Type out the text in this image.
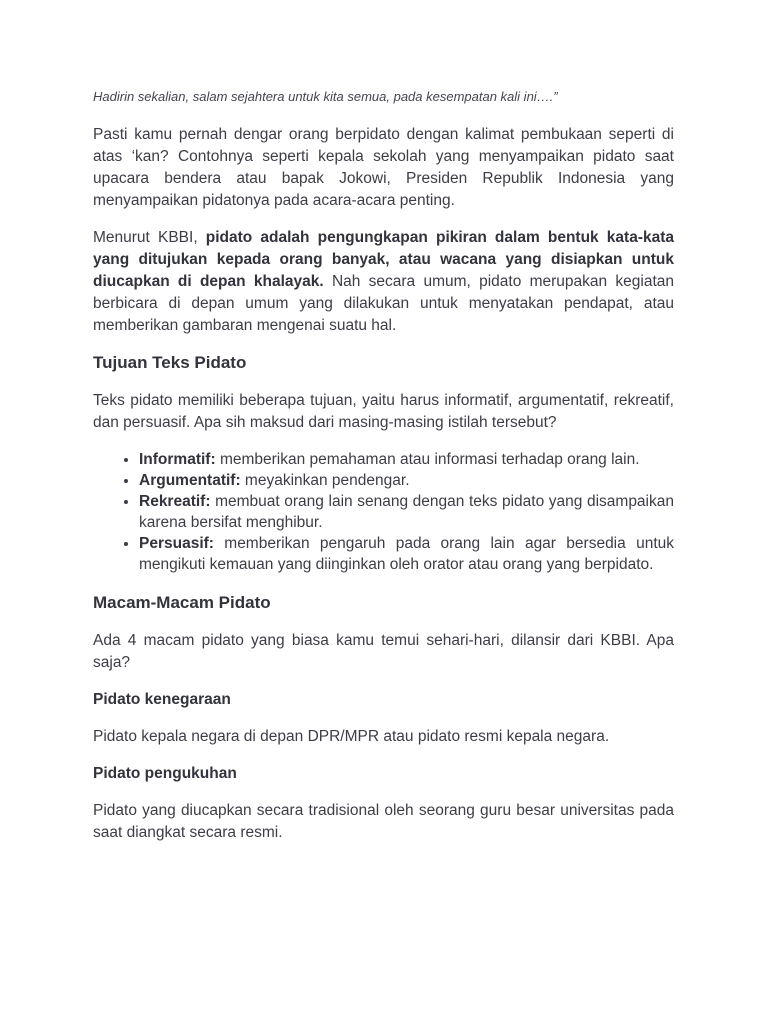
Hadirin sekalian, salam sejahtera untuk kita semua, pada kesempatan kali ini….”

Pasti kamu pernah dengar orang berpidato dengan kalimat pembukaan seperti di atas ‘kan? Contohnya seperti kepala sekolah yang menyampaikan pidato saat upacara bendera atau bapak Jokowi, Presiden Republik Indonesia yang menyampaikan pidatonya pada acara-acara penting.

Menurut KBBI, pidato adalah pengungkapan pikiran dalam bentuk kata-kata yang ditujukan kepada orang banyak, atau wacana yang disiapkan untuk diucapkan di depan khalayak. Nah secara umum, pidato merupakan kegiatan berbicara di depan umum yang dilakukan untuk menyatakan pendapat, atau memberikan gambaran mengenai suatu hal.

Tujuan Teks Pidato

Teks pidato memiliki beberapa tujuan, yaitu harus informatif, argumentatif, rekreatif, dan persuasif. Apa sih maksud dari masing-masing istilah tersebut?

• Informatif: memberikan pemahaman atau informasi terhadap orang lain.
• Argumentatif: meyakinkan pendengar.
• Rekreatif: membuat orang lain senang dengan teks pidato yang disampaikan karena bersifat menghibur.
• Persuasif: memberikan pengaruh pada orang lain agar bersedia untuk mengikuti kemauan yang diinginkan oleh orator atau orang yang berpidato.
Macam-Macam Pidato

Ada 4 macam pidato yang biasa kamu temui sehari-hari, dilansir dari KBBI. Apa saja?

Pidato kenegaraan

Pidato kepala negara di depan DPR/MPR atau pidato resmi kepala negara.

Pidato pengukuhan

Pidato yang diucapkan secara tradisional oleh seorang guru besar universitas pada saat diangkat secara resmi.
